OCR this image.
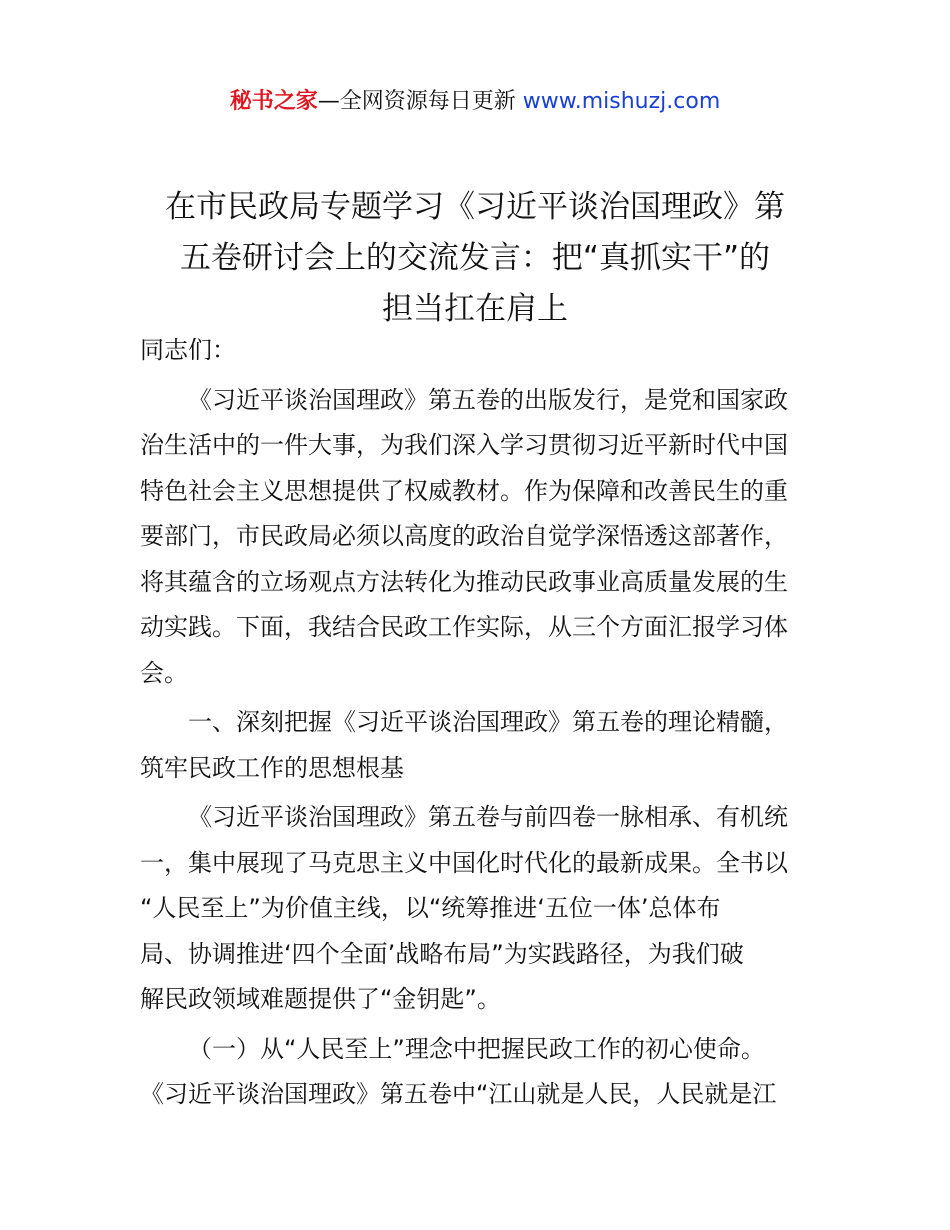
秘书之家—全网资源每日更新 www.mishuzj.com
在市民政局专题学习《习近平谈治国理政》第
五卷研讨会上的交流发言：把“真抓实干”的
担当扛在肩上
同志们：
《习近平谈治国理政》第五卷的出版发行，是党和国家政
治生活中的一件大事，为我们深入学习贯彻习近平新时代中国
特色社会主义思想提供了权威教材。作为保障和改善民生的重
要部门，市民政局必须以高度的政治自觉学深悟透这部著作，
将其蕴含的立场观点方法转化为推动民政事业高质量发展的生
动实践。下面，我结合民政工作实际，从三个方面汇报学习体
会。
一、深刻把握《习近平谈治国理政》第五卷的理论精髓，
筑牢民政工作的思想根基
《习近平谈治国理政》第五卷与前四卷一脉相承、有机统
一，集中展现了马克思主义中国化时代化的最新成果。全书以
“人民至上”为价值主线，以“统筹推进‘五位一体’总体布
局、协调推进‘四个全面’战略布局”为实践路径，为我们破
解民政领域难题提供了“金钥匙”。
（一）从“人民至上”理念中把握民政工作的初心使命。
《习近平谈治国理政》第五卷中“江山就是人民，人民就是江
